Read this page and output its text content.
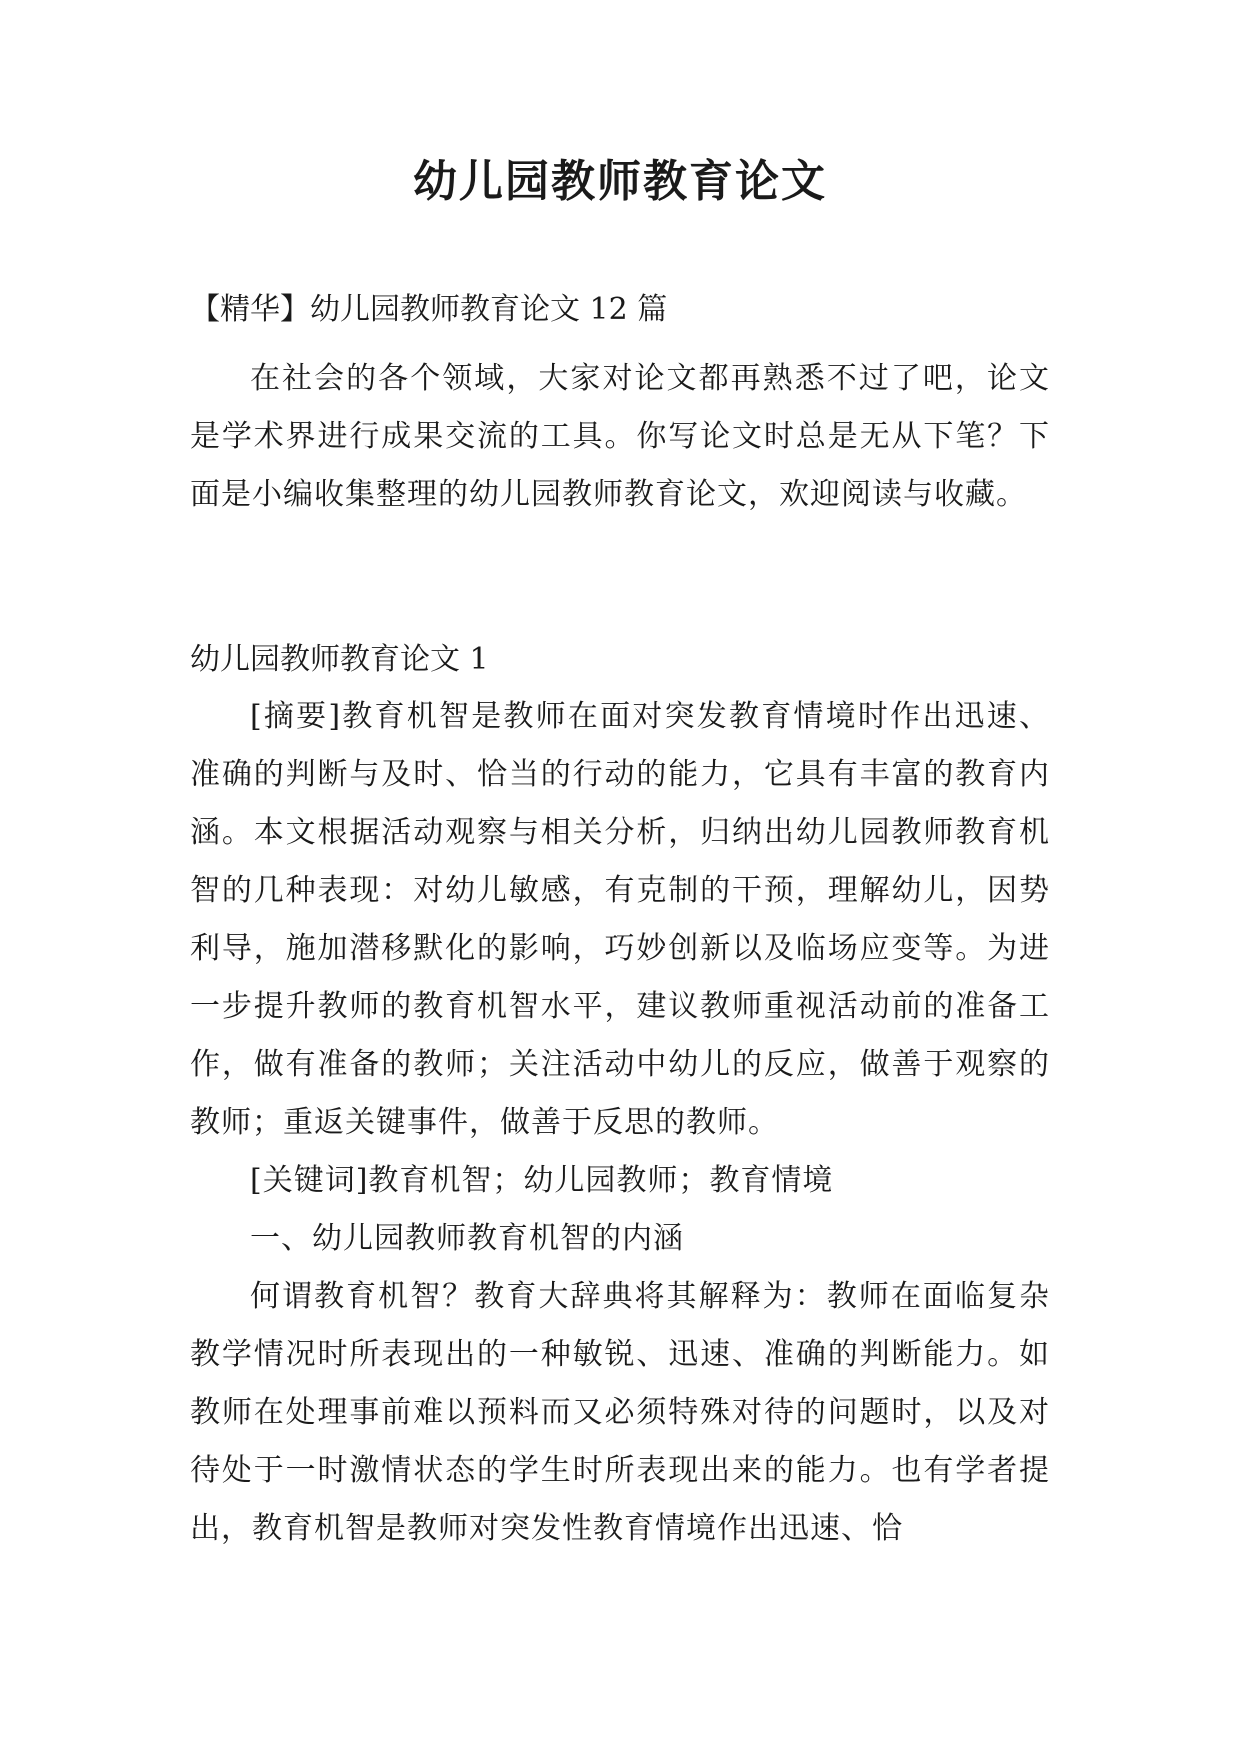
幼儿园教师教育论文

【精华】幼儿园教师教育论文 12 篇

在社会的各个领域，大家对论文都再熟悉不过了吧，论文是学术界进行成果交流的工具。你写论文时总是无从下笔？下面是小编收集整理的幼儿园教师教育论文，欢迎阅读与收藏。

幼儿园教师教育论文 1

[摘要]教育机智是教师在面对突发教育情境时作出迅速、准确的判断与及时、恰当的行动的能力，它具有丰富的教育内涵。本文根据活动观察与相关分析，归纳出幼儿园教师教育机智的几种表现：对幼儿敏感，有克制的干预，理解幼儿，因势利导，施加潜移默化的影响，巧妙创新以及临场应变等。为进一步提升教师的教育机智水平，建议教师重视活动前的准备工作，做有准备的教师；关注活动中幼儿的反应，做善于观察的教师；重返关键事件，做善于反思的教师。

[关键词]教育机智；幼儿园教师；教育情境

一、幼儿园教师教育机智的内涵

何谓教育机智？教育大辞典将其解释为：教师在面临复杂教学情况时所表现出的一种敏锐、迅速、准确的判断能力。如教师在处理事前难以预料而又必须特殊对待的问题时，以及对待处于一时激情状态的学生时所表现出来的能力。也有学者提出，教育机智是教师对突发性教育情境作出迅速、恰
